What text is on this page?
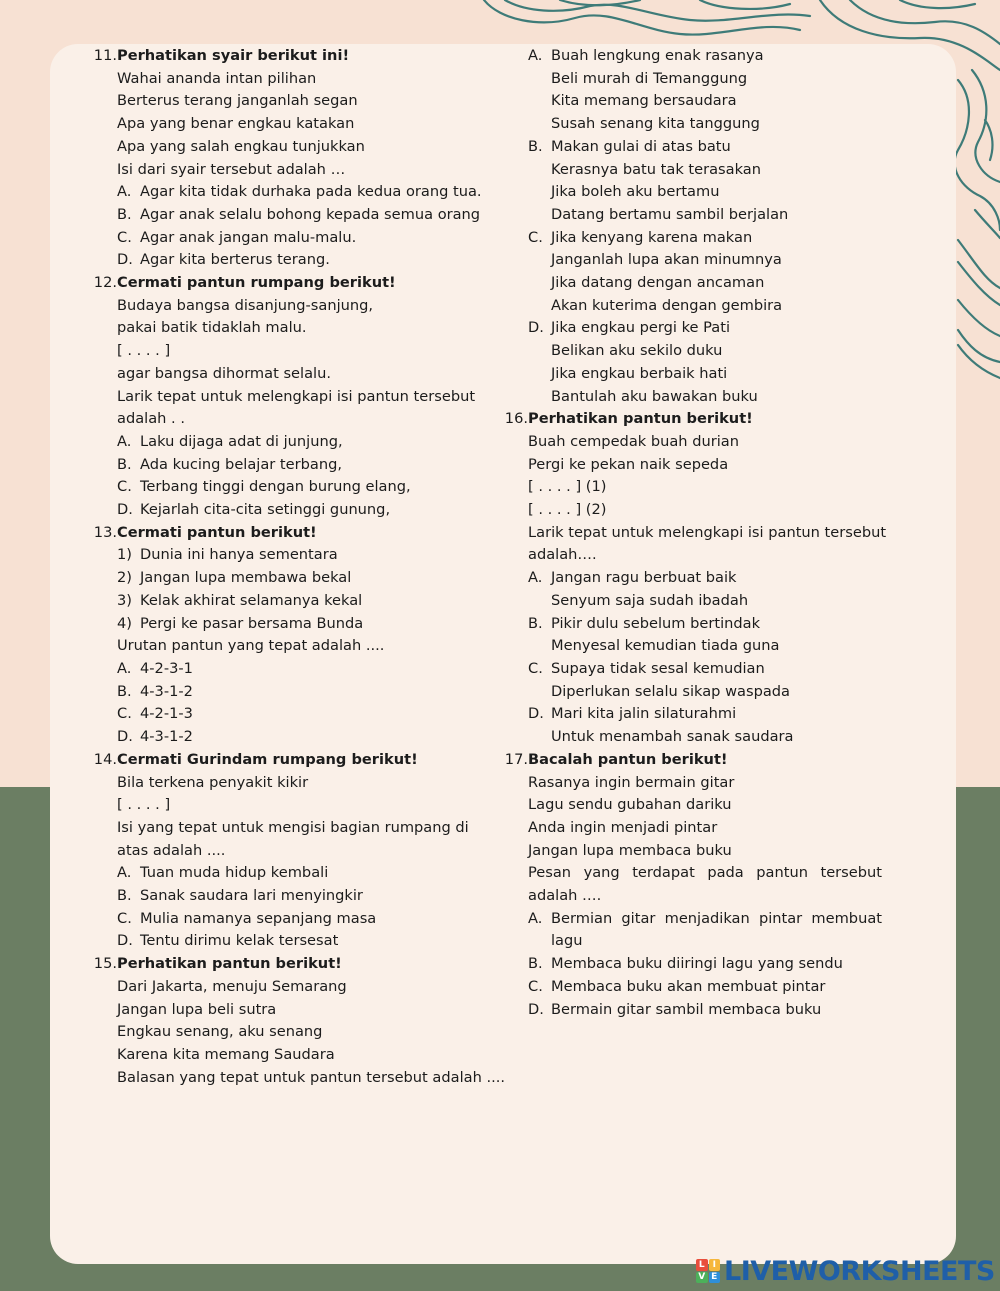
11. Perhatikan syair berikut ini!
Wahai ananda intan pilihan
Berterus terang janganlah segan
Apa yang benar engkau katakan
Apa yang salah engkau tunjukkan
Isi dari syair tersebut adalah …
A. Agar kita tidak durhaka pada kedua orang tua.
B. Agar anak selalu bohong kepada semua orang
C. Agar anak jangan malu-malu.
D. Agar kita berterus terang.
12. Cermati pantun rumpang berikut!
Budaya bangsa disanjung-sanjung,
pakai batik tidaklah malu.
[ . . . . ]
agar bangsa dihormat selalu.
Larik tepat untuk melengkapi isi pantun tersebut
adalah . .
A. Laku dijaga adat di junjung,
B. Ada kucing belajar terbang,
C. Terbang tinggi dengan burung elang,
D. Kejarlah cita-cita setinggi gunung,
13. Cermati pantun berikut!
1) Dunia ini hanya sementara
2) Jangan lupa membawa bekal
3) Kelak akhirat selamanya kekal
4) Pergi ke pasar bersama Bunda
Urutan pantun yang tepat adalah ....
A. 4-2-3-1
B. 4-3-1-2
C. 4-2-1-3
D. 4-3-1-2
14. Cermati Gurindam rumpang berikut!
Bila terkena penyakit kikir
[ . . . . ]
Isi yang tepat untuk mengisi bagian rumpang di
atas adalah ....
A. Tuan muda hidup kembali
B. Sanak saudara lari menyingkir
C. Mulia namanya sepanjang masa
D. Tentu dirimu kelak tersesat
15. Perhatikan pantun berikut!
Dari Jakarta, menuju Semarang
Jangan lupa beli sutra
Engkau senang, aku senang
Karena kita memang Saudara
Balasan yang tepat untuk pantun tersebut adalah ....
A. Buah lengkung enak rasanya
Beli murah di Temanggung
Kita memang bersaudara
Susah senang kita tanggung
B. Makan gulai di atas batu
Kerasnya batu tak terasakan
Jika boleh aku bertamu
Datang bertamu sambil berjalan
C. Jika kenyang karena makan
Janganlah lupa akan minumnya
Jika datang dengan ancaman
Akan kuterima dengan gembira
D. Jika engkau pergi ke Pati
Belikan aku sekilo duku
Jika engkau berbaik hati
Bantulah aku bawakan buku
16. Perhatikan pantun berikut!
Buah cempedak buah durian
Pergi ke pekan naik sepeda
[ . . . . ] (1)
[ . . . . ] (2)
Larik tepat untuk melengkapi isi pantun tersebut
adalah….
A. Jangan ragu berbuat baik
Senyum saja sudah ibadah
B. Pikir dulu sebelum bertindak
Menyesal kemudian tiada guna
C. Supaya tidak sesal kemudian
Diperlukan selalu sikap waspada
D. Mari kita jalin silaturahmi
Untuk menambah sanak saudara
17. Bacalah pantun berikut!
Rasanya ingin bermain gitar
Lagu sendu gubahan dariku
Anda ingin menjadi pintar
Jangan lupa membaca buku
Pesan yang terdapat pada pantun tersebut
adalah ….
A. Bermian gitar menjadikan pintar membuat lagu
B. Membaca buku diiringi lagu yang sendu
C. Membaca buku akan membuat pintar
D. Bermain gitar sambil membaca buku
L I
V E LIVEWORKSHEETS
